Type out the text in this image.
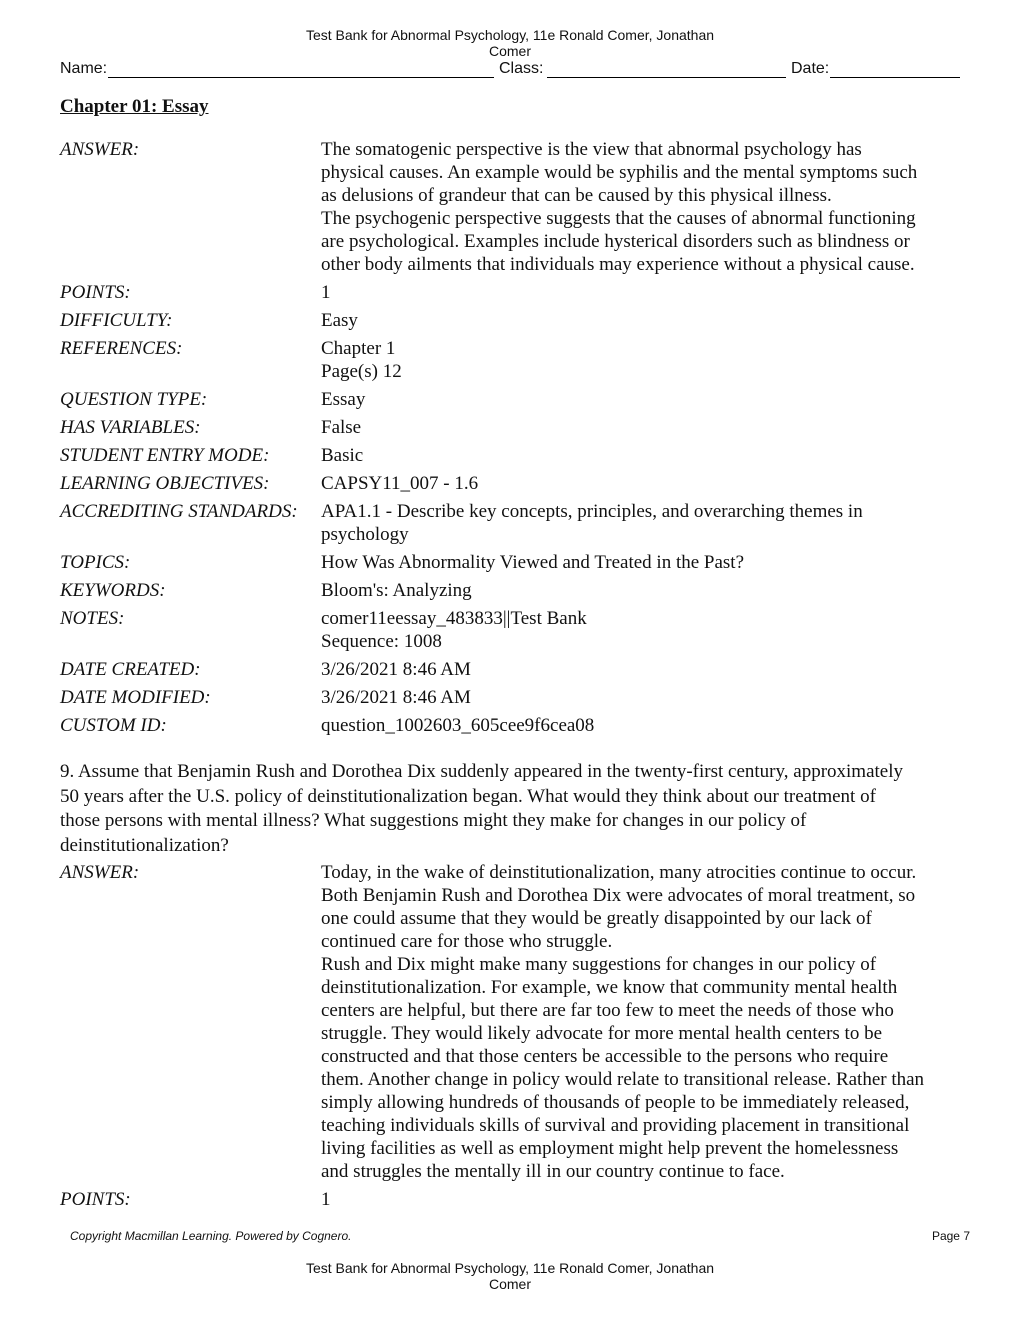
Test Bank for Abnormal Psychology, 11e Ronald Comer, Jonathan
Comer
Name:	Class:	Date:
Chapter 01: Essay
ANSWER:	The somatogenic perspective is the view that abnormal psychology has
physical causes. An example would be syphilis and the mental symptoms such
as delusions of grandeur that can be caused by this physical illness.
The psychogenic perspective suggests that the causes of abnormal functioning
are psychological. Examples include hysterical disorders such as blindness or
other body ailments that individuals may experience without a physical cause.
POINTS:	1
DIFFICULTY:	Easy
REFERENCES:	Chapter 1
Page(s) 12
QUESTION TYPE:	Essay
HAS VARIABLES:	False
STUDENT ENTRY MODE:	Basic
LEARNING OBJECTIVES:	CAPSY11_007 - 1.6
ACCREDITING STANDARDS:	APA1.1 - Describe key concepts, principles, and overarching themes in
psychology
TOPICS:	How Was Abnormality Viewed and Treated in the Past?
KEYWORDS:	Bloom's: Analyzing
NOTES:	comer11eessay_483833||Test Bank
Sequence: 1008
DATE CREATED:	3/26/2021 8:46 AM
DATE MODIFIED:	3/26/2021 8:46 AM
CUSTOM ID:	question_1002603_605cee9f6cea08
9. Assume that Benjamin Rush and Dorothea Dix suddenly appeared in the twenty-first century, approximately
50 years after the U.S. policy of deinstitutionalization began. What would they think about our treatment of
those persons with mental illness? What suggestions might they make for changes in our policy of
deinstitutionalization?
ANSWER:	Today, in the wake of deinstitutionalization, many atrocities continue to occur.
Both Benjamin Rush and Dorothea Dix were advocates of moral treatment, so
one could assume that they would be greatly disappointed by our lack of
continued care for those who struggle.
Rush and Dix might make many suggestions for changes in our policy of
deinstitutionalization. For example, we know that community mental health
centers are helpful, but there are far too few to meet the needs of those who
struggle. They would likely advocate for more mental health centers to be
constructed and that those centers be accessible to the persons who require
them. Another change in policy would relate to transitional release. Rather than
simply allowing hundreds of thousands of people to be immediately released,
teaching individuals skills of survival and providing placement in transitional
living facilities as well as employment might help prevent the homelessness
and struggles the mentally ill in our country continue to face.
POINTS:	1
Copyright Macmillan Learning. Powered by Cognero.	Page 7
Test Bank for Abnormal Psychology, 11e Ronald Comer, Jonathan
Comer
